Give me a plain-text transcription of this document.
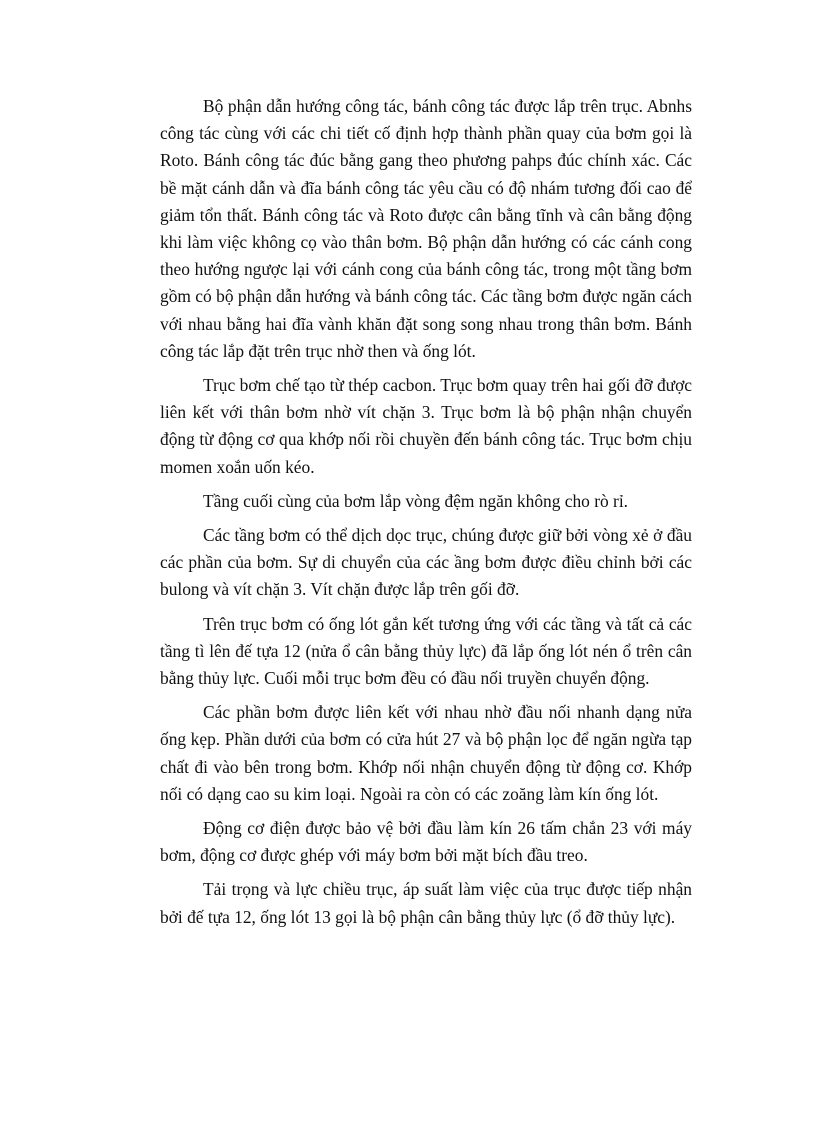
Bộ phận dẫn hướng công tác, bánh công tác được lắp trên trục. Abnhs công tác cùng với các chi tiết cố định hợp thành phần quay của bơm gọi là Roto. Bánh công tác đúc bằng gang theo phương pahps đúc chính xác. Các bề mặt cánh dẫn và đĩa bánh công tác yêu cầu có độ nhám tương đối cao để giảm tổn thất. Bánh công tác và Roto được cân bằng tĩnh và cân bằng động khi làm việc không cọ vào thân bơm. Bộ phận dẫn hướng có các cánh cong theo hướng ngược lại với cánh cong của bánh công tác, trong một tầng bơm gồm có bộ phận dẫn hướng và bánh công tác. Các tầng bơm được ngăn cách với nhau bằng hai đĩa vành khăn đặt song song nhau trong thân bơm. Bánh công tác lắp đặt trên trục nhờ then và ống lót.

Trục bơm chế tạo từ thép cacbon. Trục bơm quay trên hai gối đỡ được liên kết với thân bơm nhờ vít chặn 3. Trục bơm là bộ phận nhận chuyển động từ động cơ qua khớp nối rồi chuyền đến bánh công tác. Trục bơm chịu momen xoắn uốn kéo.

Tầng cuối cùng của bơm lắp vòng đệm ngăn không cho rò rỉ.

Các tầng bơm có thể dịch dọc trục, chúng được giữ bởi vòng xẻ ở đầu các phần của bơm. Sự di chuyển của các ầng bơm được điều chỉnh bởi các bulong và vít chặn 3. Vít chặn được lắp trên gối đỡ.

Trên trục bơm có ống lót gắn kết tương ứng với các tầng và tất cả các tầng tì lên đế tựa 12 (nửa ổ cân bằng thủy lực) đã lắp ống lót nén ổ trên cân bằng thủy lực. Cuối mỗi trục bơm đều có đầu nối truyền chuyển động.

Các phần bơm được liên kết với nhau nhờ đầu nối nhanh dạng nửa ống kẹp. Phần dưới của bơm có cửa hút 27 và bộ phận lọc để ngăn ngừa tạp chất đi vào bên trong bơm. Khớp nối nhận chuyển động từ động cơ. Khớp nối có dạng cao su kim loại. Ngoài ra còn có các zoăng làm kín ống lót.

Động cơ điện được bảo vệ bởi đầu làm kín 26 tấm chắn 23 với máy bơm, động cơ được ghép với máy bơm bởi mặt bích đầu treo.

Tải trọng và lực chiều trục, áp suất làm việc của trục được tiếp nhận bởi đế tựa 12, ống lót 13 gọi là bộ phận cân bằng thủy lực (ổ đỡ thủy lực).
